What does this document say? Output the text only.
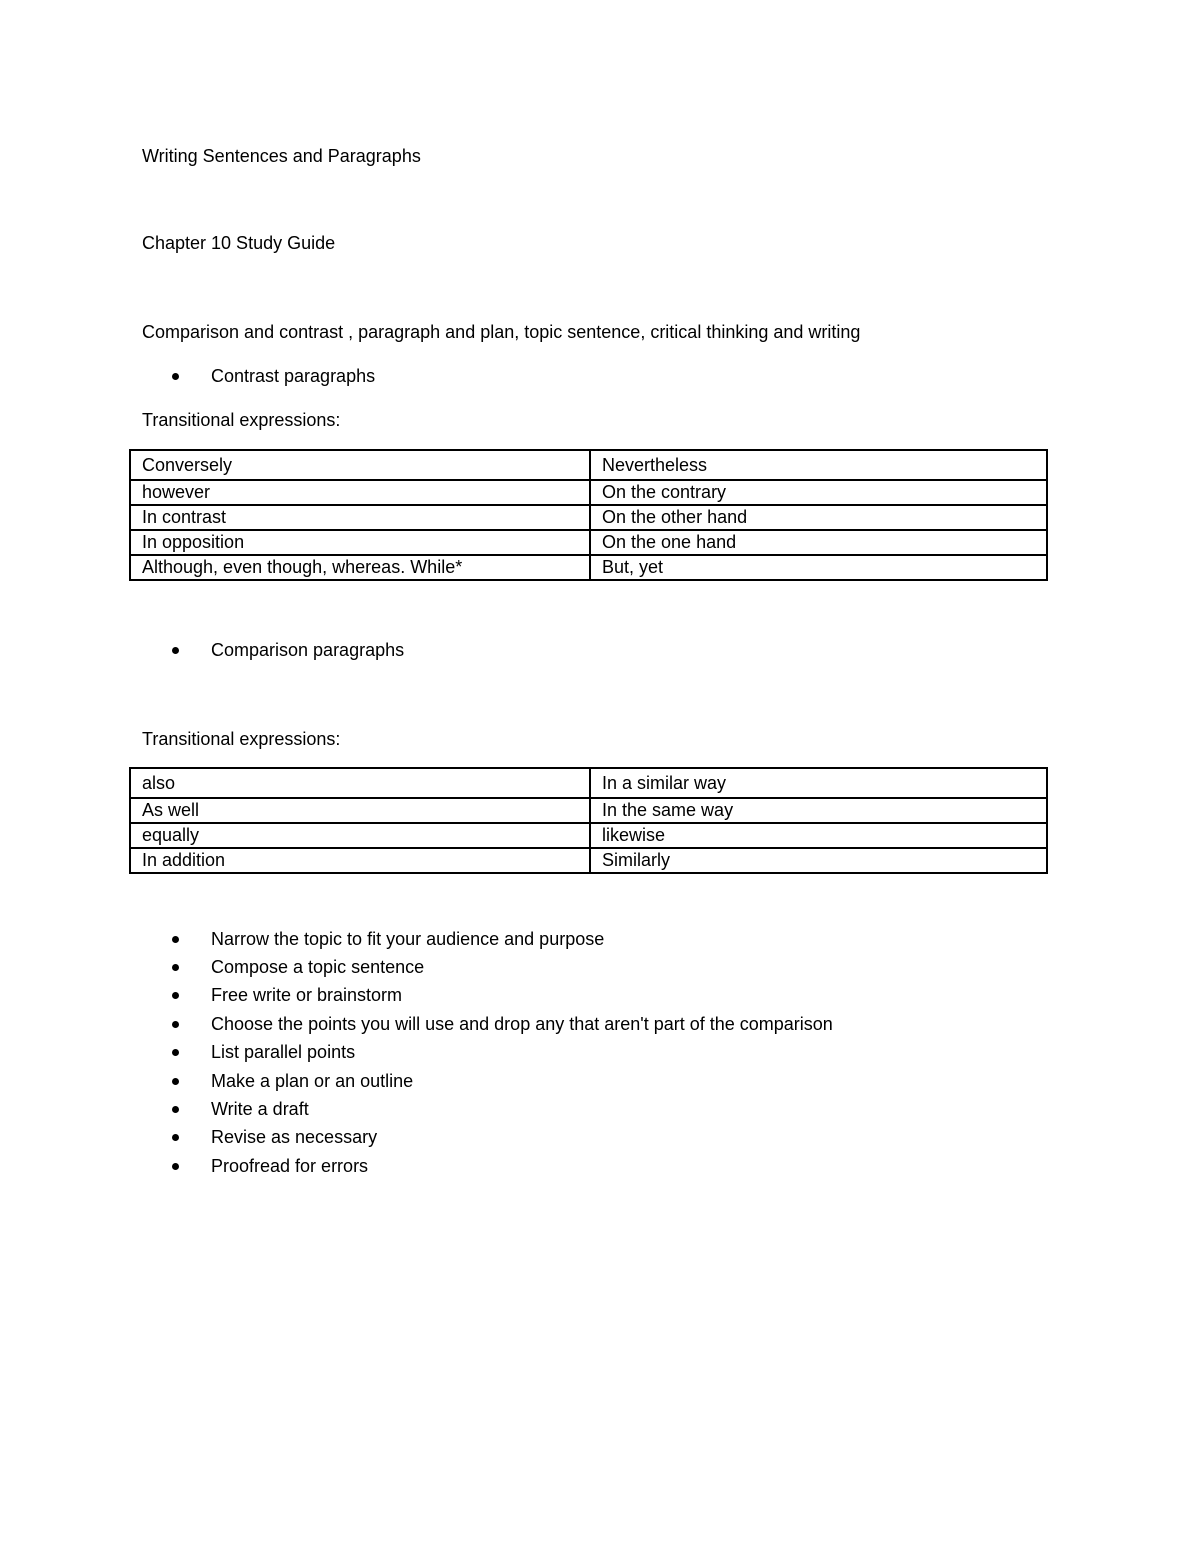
Writing Sentences and Paragraphs
Chapter 10 Study Guide
Comparison and contrast , paragraph and plan, topic sentence, critical thinking and writing
Contrast paragraphs
Transitional expressions:
Conversely	Nevertheless
however	On the contrary
In contrast	On the other hand
In opposition	On the one hand
Although, even though, whereas. While*	But, yet
Comparison paragraphs
Transitional expressions:
also	In a similar way
As well	In the same way
equally	likewise
In addition	Similarly
Narrow the topic to fit your audience and purpose
Compose a topic sentence
Free write or brainstorm
Choose the points you will use and drop any that aren't part of the comparison
List parallel points
Make a plan or an outline
Write a draft
Revise as necessary
Proofread for errors
